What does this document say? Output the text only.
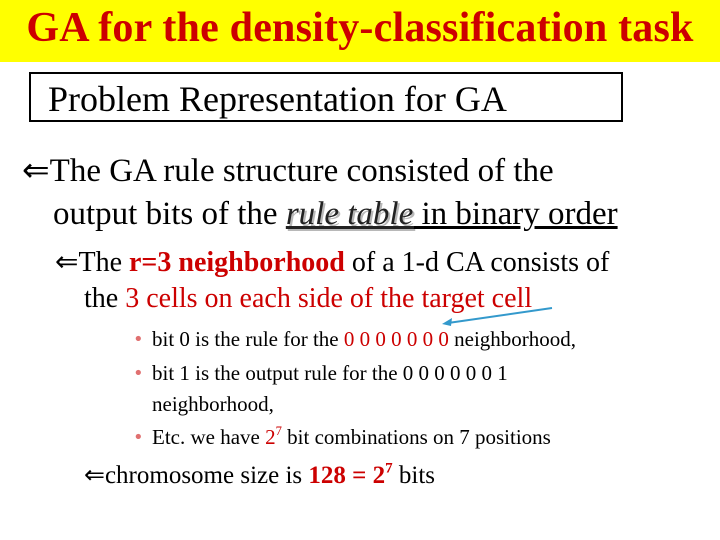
GA for the density-classification task
Problem Representation for GA
⇐The GA rule structure consisted of the
output bits of the rule table in binary order
⇐The r=3 neighborhood of a 1-d CA consists of
the 3 cells on each side of the target cell
• bit 0 is the rule for the 0 0 0 0 0 0 0 neighborhood,
• bit 1 is the output rule for the 0 0 0 0 0 0 1
neighborhood,
• Etc. we have $2^7$ bit combinations on 7 positions
⇐chromosome size is $128 = 2^7$ bits
